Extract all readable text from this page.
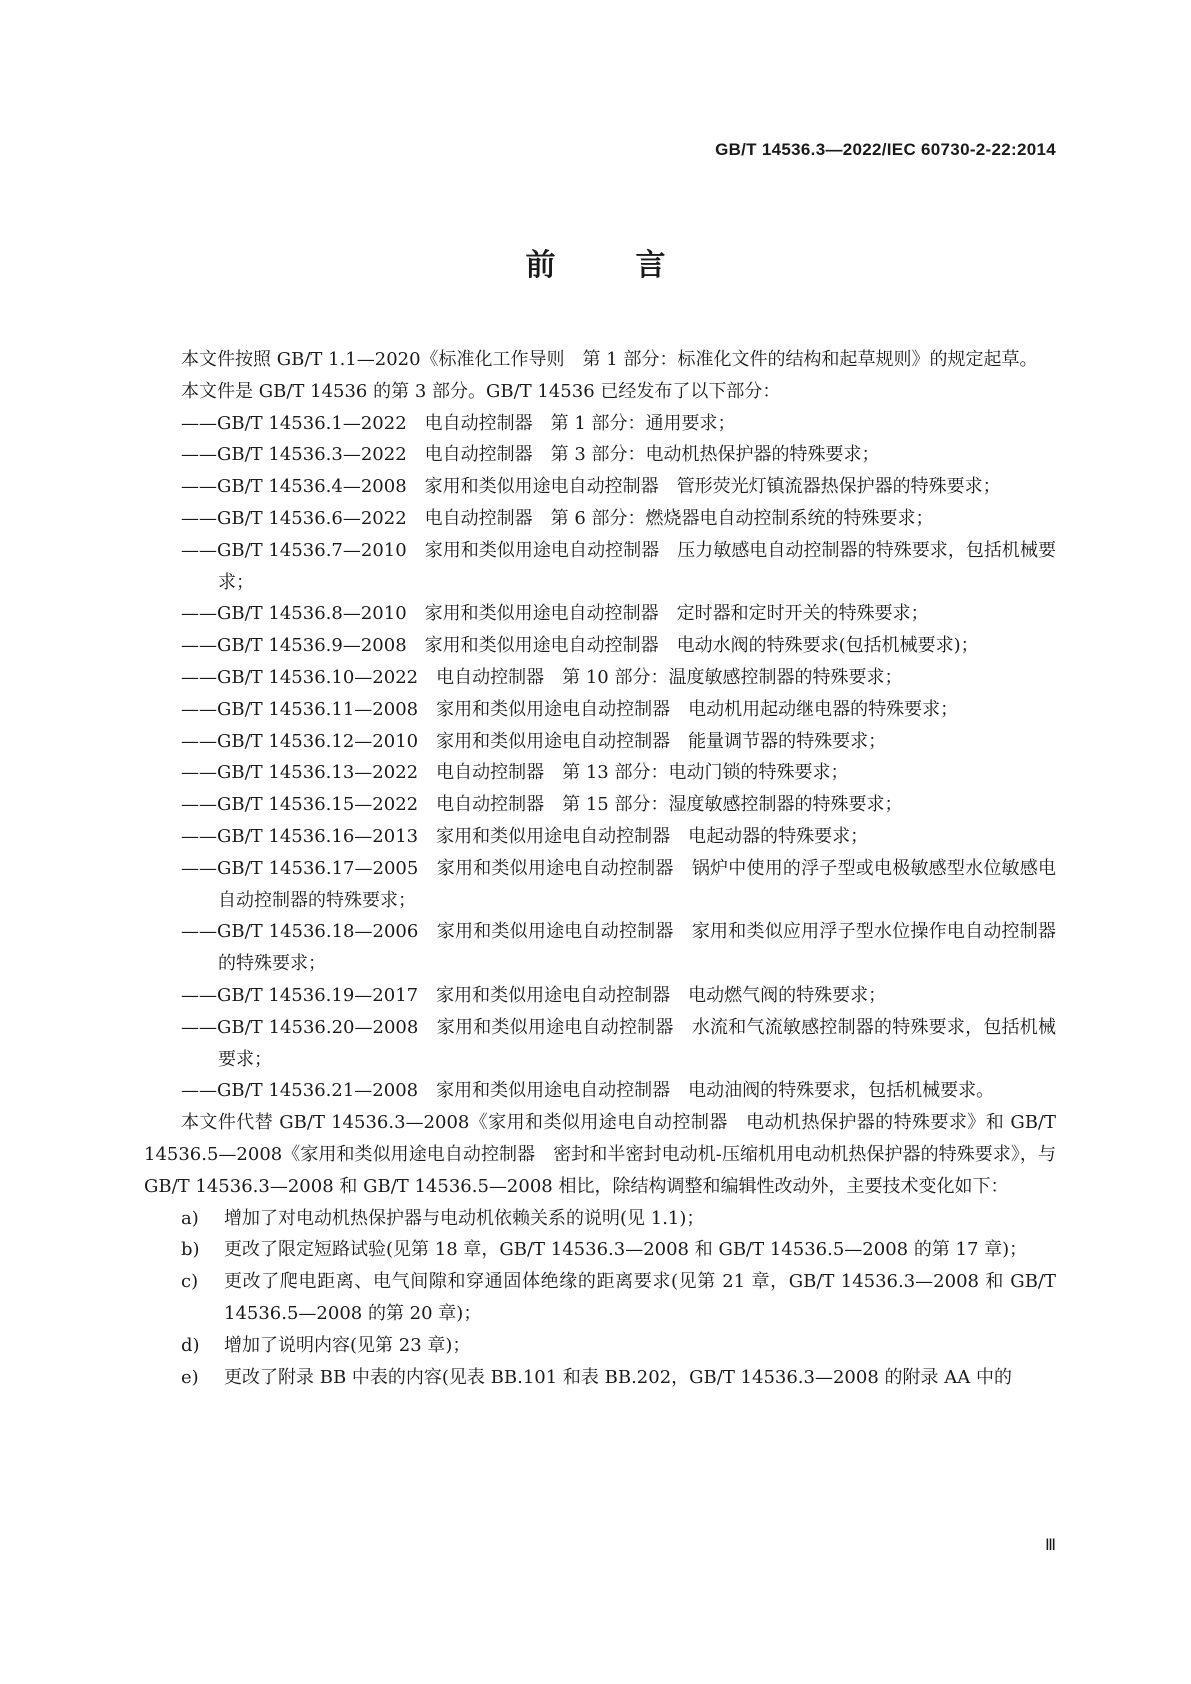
GB/T 14536.3—2022/IEC 60730-2-22:2014
前言

本文件按照 GB/T 1.1—2020《标准化工作导则　第 1 部分：标准化文件的结构和起草规则》的规定起草。

本文件是 GB/T 14536 的第 3 部分。GB/T 14536 已经发布了以下部分：

——GB/T 14536.1—2022　电自动控制器　第 1 部分：通用要求；

——GB/T 14536.3—2022　电自动控制器　第 3 部分：电动机热保护器的特殊要求；

——GB/T 14536.4—2008　家用和类似用途电自动控制器　管形荧光灯镇流器热保护器的特殊要求；

——GB/T 14536.6—2022　电自动控制器　第 6 部分：燃烧器电自动控制系统的特殊要求；

——GB/T 14536.7—2010　家用和类似用途电自动控制器　压力敏感电自动控制器的特殊要求，包括机械要求；

——GB/T 14536.8—2010　家用和类似用途电自动控制器　定时器和定时开关的特殊要求；

——GB/T 14536.9—2008　家用和类似用途电自动控制器　电动水阀的特殊要求(包括机械要求)；

——GB/T 14536.10—2022　电自动控制器　第 10 部分：温度敏感控制器的特殊要求；

——GB/T 14536.11—2008　家用和类似用途电自动控制器　电动机用起动继电器的特殊要求；

——GB/T 14536.12—2010　家用和类似用途电自动控制器　能量调节器的特殊要求；

——GB/T 14536.13—2022　电自动控制器　第 13 部分：电动门锁的特殊要求；

——GB/T 14536.15—2022　电自动控制器　第 15 部分：湿度敏感控制器的特殊要求；

——GB/T 14536.16—2013　家用和类似用途电自动控制器　电起动器的特殊要求；

——GB/T 14536.17—2005　家用和类似用途电自动控制器　锅炉中使用的浮子型或电极敏感型水位敏感电自动控制器的特殊要求；

——GB/T 14536.18—2006　家用和类似用途电自动控制器　家用和类似应用浮子型水位操作电自动控制器的特殊要求；

——GB/T 14536.19—2017　家用和类似用途电自动控制器　电动燃气阀的特殊要求；

——GB/T 14536.20—2008　家用和类似用途电自动控制器　水流和气流敏感控制器的特殊要求，包括机械要求；

——GB/T 14536.21—2008　家用和类似用途电自动控制器　电动油阀的特殊要求，包括机械要求。

本文件代替 GB/T 14536.3—2008《家用和类似用途电自动控制器　电动机热保护器的特殊要求》和 GB/T 14536.5—2008《家用和类似用途电自动控制器　密封和半密封电动机-压缩机用电动机热保护器的特殊要求》，与 GB/T 14536.3—2008 和 GB/T 14536.5—2008 相比，除结构调整和编辑性改动外，主要技术变化如下：

a) 增加了对电动机热保护器与电动机依赖关系的说明(见 1.1)；

b) 更改了限定短路试验(见第 18 章，GB/T 14536.3—2008 和 GB/T 14536.5—2008 的第 17 章)；

c) 更改了爬电距离、电气间隙和穿通固体绝缘的距离要求(见第 21 章，GB/T 14536.3—2008 和 GB/T 14536.5—2008 的第 20 章)；

d) 增加了说明内容(见第 23 章)；

e) 更改了附录 BB 中表的内容(见表 BB.101 和表 BB.202，GB/T 14536.3—2008 的附录 AA 中的

Ⅲ
